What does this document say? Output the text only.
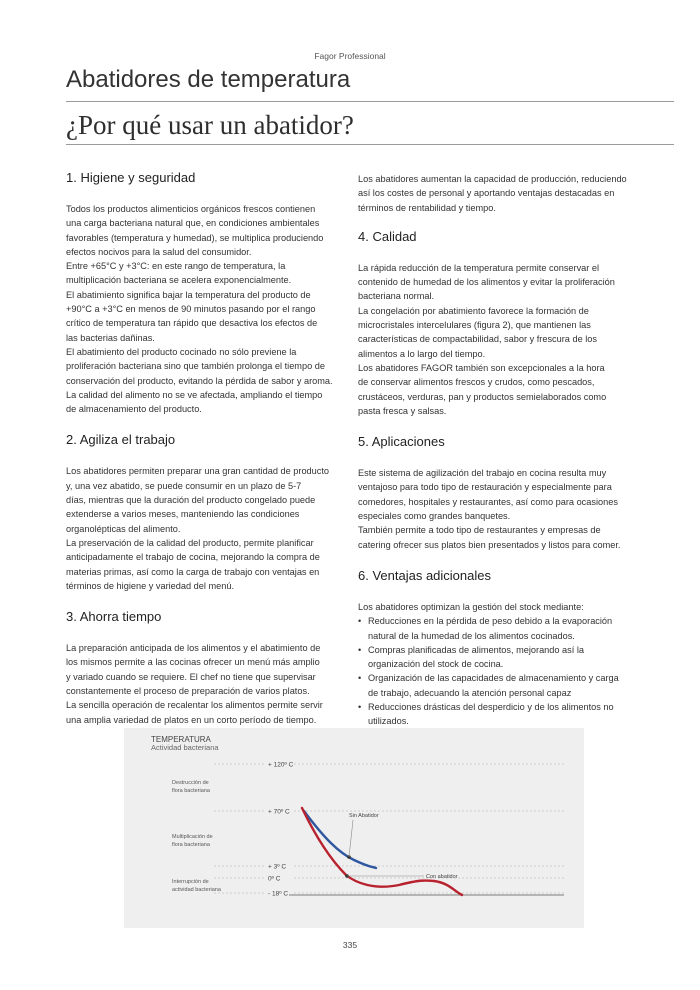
Fagor Professional
Abatidores de temperatura
¿Por qué usar un abatidor?
1. Higiene y seguridad

Todos los productos alimenticios orgánicos frescos contienen
una carga bacteriana natural que, en condiciones ambientales
favorables (temperatura y humedad), se multiplica produciendo
efectos nocivos para la salud del consumidor.
Entre +65°C y +3°C: en este rango de temperatura, la
multiplicación bacteriana se acelera exponencialmente.
El abatimiento significa bajar la temperatura del producto de
+90°C a +3°C en menos de 90 minutos pasando por el rango
crítico de temperatura tan rápido que desactiva los efectos de
las bacterias dañinas.
El abatimiento del producto cocinado no sólo previene la
proliferación bacteriana sino que también prolonga el tiempo de
conservación del producto, evitando la pérdida de sabor y aroma.
La calidad del alimento no se ve afectada, ampliando el tiempo
de almacenamiento del producto.

2. Agiliza el trabajo

Los abatidores permiten preparar una gran cantidad de producto
y, una vez abatido, se puede consumir en un plazo de 5-7
días, mientras que la duración del producto congelado puede
extenderse a varios meses, manteniendo las condiciones
organolépticas del alimento.
La preservación de la calidad del producto, permite planificar
anticipadamente el trabajo de cocina, mejorando la compra de
materias primas, así como la carga de trabajo con ventajas en
términos de higiene y variedad del menú.

3. Ahorra tiempo

La preparación anticipada de los alimentos y el abatimiento de
los mismos permite a las cocinas ofrecer un menú más amplio
y variado cuando se requiere. El chef no tiene que supervisar
constantemente el proceso de preparación de varios platos.
La sencilla operación de recalentar los alimentos permite servir
una amplia variedad de platos en un corto período de tiempo.

Los abatidores aumentan la capacidad de producción, reduciendo
así los costes de personal y aportando ventajas destacadas en
términos de rentabilidad y tiempo.

4. Calidad

La rápida reducción de la temperatura permite conservar el
contenido de humedad de los alimentos y evitar la proliferación
bacteriana normal.
La congelación por abatimiento favorece la formación de
microcristales intercelulares (figura 2), que mantienen las
características de compactabilidad, sabor y frescura de los
alimentos a lo largo del tiempo.
Los abatidores FAGOR también son excepcionales a la hora
de conservar alimentos frescos y crudos, como pescados,
crustáceos, verduras, pan y productos semielaborados como
pasta fresca y salsas.

5. Aplicaciones

Este sistema de agilización del trabajo en cocina resulta muy
ventajoso para todo tipo de restauración y especialmente para
comedores, hospitales y restaurantes, así como para ocasiones
especiales como grandes banquetes.
También permite a todo tipo de restaurantes y empresas de
catering ofrecer sus platos bien presentados y listos para comer.

6. Ventajas adicionales

Los abatidores optimizan la gestión del stock mediante:

• Reducciones en la pérdida de peso debido a la evaporación
natural de la humedad de los alimentos cocinados.
• Compras planificadas de alimentos, mejorando así la
organización del stock de cocina.
• Organización de las capacidades de almacenamiento y carga
de trabajo, adecuando la atención personal capaz
• Reducciones drásticas del desperdicio y de los alimentos no
utilizados.
TEMPERATURA
Actividad bacteriana
+ 120º C
+ 70º C
+ 3º C
0º C
- 18º C
Destrucción de flora bacteriana
Multiplicación de flora bacteriana
Interrupción de actividad bacteriana
Sin Abatidor
Con abatidor
335
